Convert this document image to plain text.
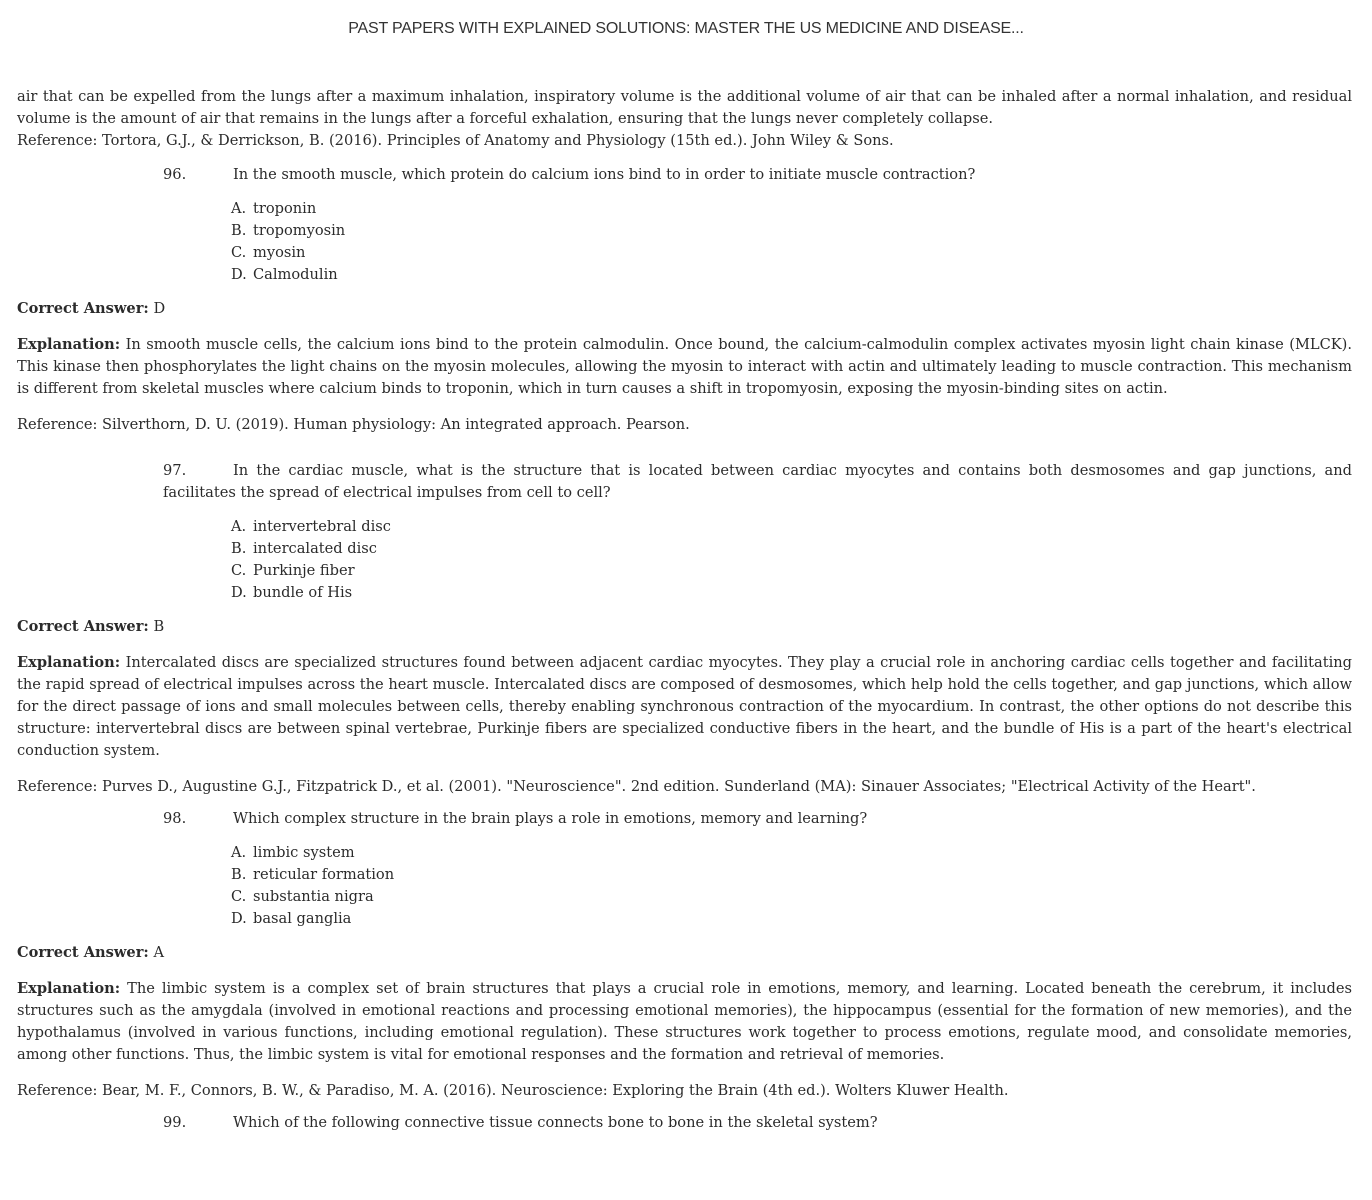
PAST PAPERS WITH EXPLAINED SOLUTIONS: MASTER THE US MEDICINE AND DISEASE...

air that can be expelled from the lungs after a maximum inhalation, inspiratory volume is the additional volume of air that can be inhaled after a normal inhalation, and residual volume is the amount of air that remains in the lungs after a forceful exhalation, ensuring that the lungs never completely collapse.

Reference: Tortora, G.J., & Derrickson, B. (2016). Principles of Anatomy and Physiology (15th ed.). John Wiley & Sons.

96.	In the smooth muscle, which protein do calcium ions bind to in order to initiate muscle contraction?
A. troponin
B. tropomyosin
C. myosin
D. Calmodulin

Correct Answer: D

Explanation: In smooth muscle cells, the calcium ions bind to the protein calmodulin. Once bound, the calcium-calmodulin complex activates myosin light chain kinase (MLCK). This kinase then phosphorylates the light chains on the myosin molecules, allowing the myosin to interact with actin and ultimately leading to muscle contraction. This mechanism is different from skeletal muscles where calcium binds to troponin, which in turn causes a shift in tropomyosin, exposing the myosin-binding sites on actin.

Reference: Silverthorn, D. U. (2019). Human physiology: An integrated approach. Pearson.

97.	In the cardiac muscle, what is the structure that is located between cardiac myocytes and contains both desmosomes and gap junctions, and facilitates the spread of electrical impulses from cell to cell?
A. intervertebral disc
B. intercalated disc
C. Purkinje fiber
D. bundle of His

Correct Answer: B

Explanation: Intercalated discs are specialized structures found between adjacent cardiac myocytes. They play a crucial role in anchoring cardiac cells together and facilitating the rapid spread of electrical impulses across the heart muscle. Intercalated discs are composed of desmosomes, which help hold the cells together, and gap junctions, which allow for the direct passage of ions and small molecules between cells, thereby enabling synchronous contraction of the myocardium. In contrast, the other options do not describe this structure: intervertebral discs are between spinal vertebrae, Purkinje fibers are specialized conductive fibers in the heart, and the bundle of His is a part of the heart's electrical conduction system.

Reference: Purves D., Augustine G.J., Fitzpatrick D., et al. (2001). "Neuroscience". 2nd edition. Sunderland (MA): Sinauer Associates; "Electrical Activity of the Heart".

98.	Which complex structure in the brain plays a role in emotions, memory and learning?
A. limbic system
B. reticular formation
C. substantia nigra
D. basal ganglia

Correct Answer: A

Explanation: The limbic system is a complex set of brain structures that plays a crucial role in emotions, memory, and learning. Located beneath the cerebrum, it includes structures such as the amygdala (involved in emotional reactions and processing emotional memories), the hippocampus (essential for the formation of new memories), and the hypothalamus (involved in various functions, including emotional regulation). These structures work together to process emotions, regulate mood, and consolidate memories, among other functions. Thus, the limbic system is vital for emotional responses and the formation and retrieval of memories.

Reference: Bear, M. F., Connors, B. W., & Paradiso, M. A. (2016). Neuroscience: Exploring the Brain (4th ed.). Wolters Kluwer Health.

99.	Which of the following connective tissue connects bone to bone in the skeletal system?
